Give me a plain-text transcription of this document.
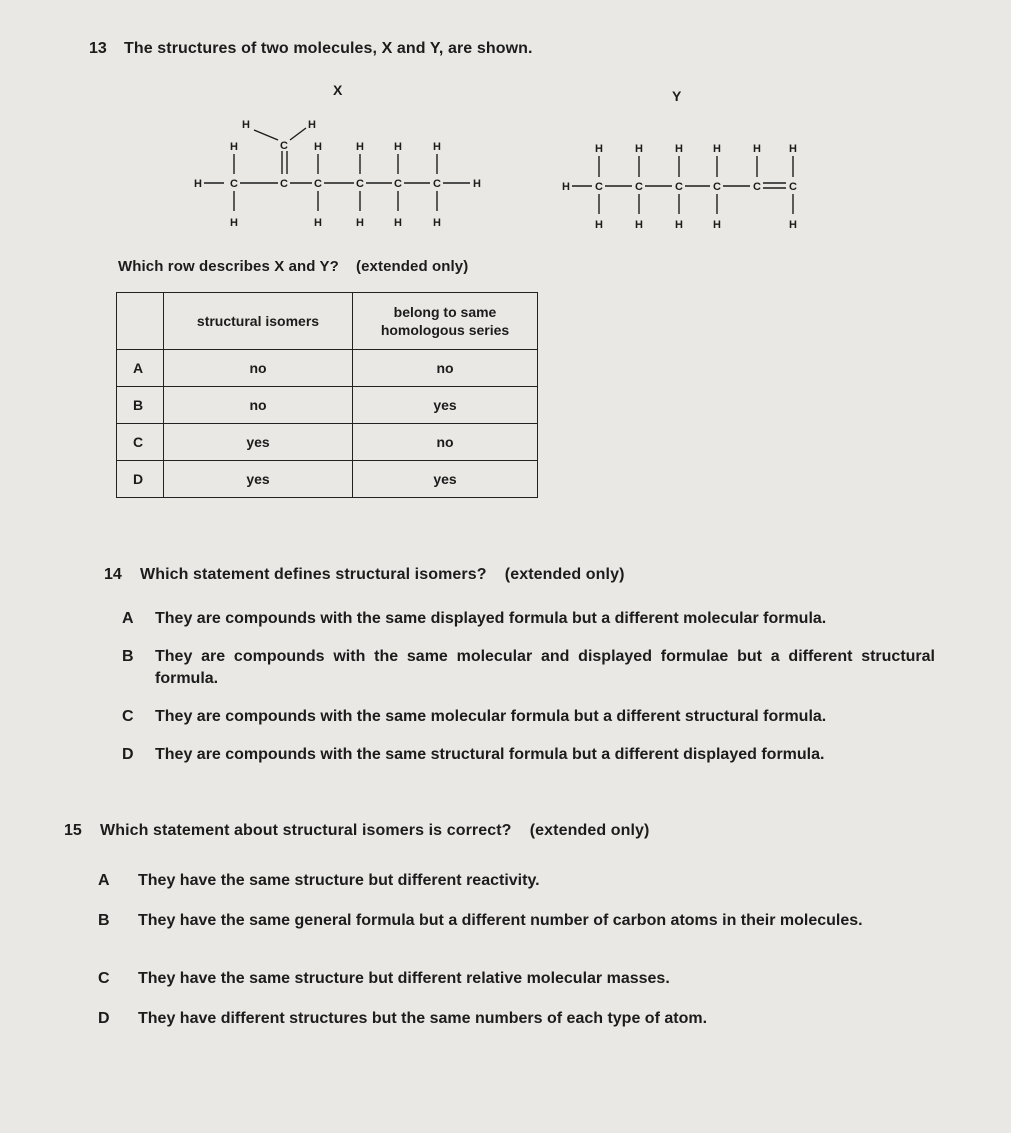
13 The structures of two molecules, X and Y, are shown.
X	Y
H	C	C C	C	C	C	H
H
H
C
H	H
H
H
H
H
H
H
H
H
H C	C	C	C	C	C
H	H	H	H	H	H
H	H	H	H	H
Which row describes X and Y? (extended only)
	structural isomers	belong to same homologous series
A	no	no
B	no	yes
C	yes	no
D	yes	yes
14 Which statement defines structural isomers? (extended only)
A They are compounds with the same displayed formula but a different molecular formula.
B They are compounds with the same molecular and displayed formulae but a different structural formula.
C They are compounds with the same molecular formula but a different structural formula.
D They are compounds with the same structural formula but a different displayed formula.
15 Which statement about structural isomers is correct? (extended only)
A They have the same structure but different reactivity.
B They have the same general formula but a different number of carbon atoms in their molecules.
C They have the same structure but different relative molecular masses.
D They have different structures but the same numbers of each type of atom.
